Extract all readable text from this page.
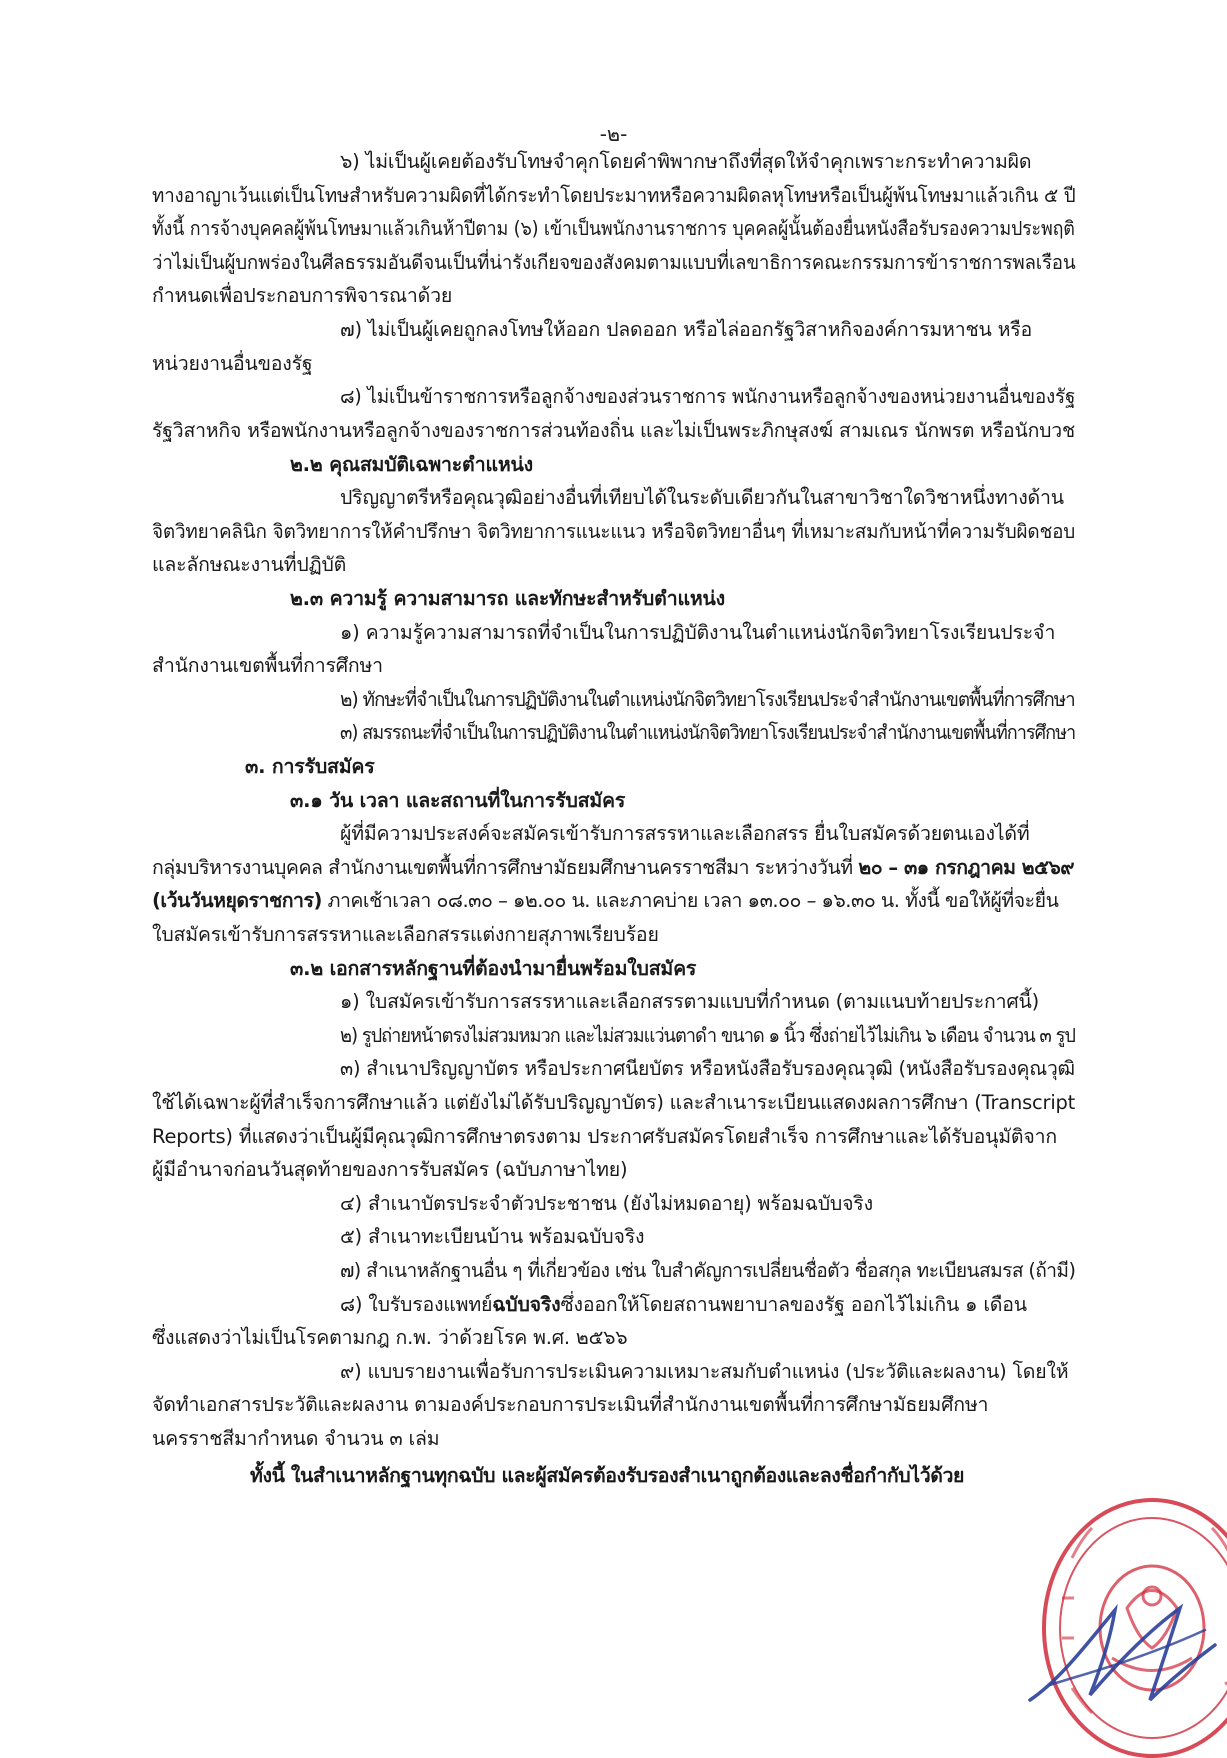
-๒-
๖) ไม่เป็นผู้เคยต้องรับโทษจำคุกโดยคำพิพากษาถึงที่สุดให้จำคุกเพราะกระทำความผิด
ทางอาญาเว้นแต่เป็นโทษสำหรับความผิดที่ได้กระทำโดยประมาทหรือความผิดลหุโทษหรือเป็นผู้พ้นโทษมาแล้วเกิน ๕ ปี
ทั้งนี้ การจ้างบุคคลผู้พ้นโทษมาแล้วเกินห้าปีตาม (๖) เข้าเป็นพนักงานราชการ บุคคลผู้นั้นต้องยื่นหนังสือรับรองความประพฤติ
ว่าไม่เป็นผู้บกพร่องในศีลธรรมอันดีจนเป็นที่น่ารังเกียจของสังคมตามแบบที่เลขาธิการคณะกรรมการข้าราชการพลเรือน
กำหนดเพื่อประกอบการพิจารณาด้วย
๗) ไม่เป็นผู้เคยถูกลงโทษให้ออก ปลดออก หรือไล่ออกรัฐวิสาหกิจองค์การมหาชน หรือ
หน่วยงานอื่นของรัฐ
๘) ไม่เป็นข้าราชการหรือลูกจ้างของส่วนราชการ พนักงานหรือลูกจ้างของหน่วยงานอื่นของรัฐ
รัฐวิสาหกิจ หรือพนักงานหรือลูกจ้างของราชการส่วนท้องถิ่น และไม่เป็นพระภิกษุสงฆ์ สามเณร นักพรต หรือนักบวช
๒.๒ คุณสมบัติเฉพาะตำแหน่ง
ปริญญาตรีหรือคุณวุฒิอย่างอื่นที่เทียบได้ในระดับเดียวกันในสาขาวิชาใดวิชาหนึ่งทางด้าน
จิตวิทยาคลินิก จิตวิทยาการให้คำปรึกษา จิตวิทยาการแนะแนว หรือจิตวิทยาอื่นๆ ที่เหมาะสมกับหน้าที่ความรับผิดชอบ
และลักษณะงานที่ปฏิบัติ
๒.๓ ความรู้ ความสามารถ และทักษะสำหรับตำแหน่ง
๑) ความรู้ความสามารถที่จำเป็นในการปฏิบัติงานในตำแหน่งนักจิตวิทยาโรงเรียนประจำ
สำนักงานเขตพื้นที่การศึกษา
๒) ทักษะที่จำเป็นในการปฏิบัติงานในตำแหน่งนักจิตวิทยาโรงเรียนประจำสำนักงานเขตพื้นที่การศึกษา
๓) สมรรถนะที่จำเป็นในการปฏิบัติงานในตำแหน่งนักจิตวิทยาโรงเรียนประจำสำนักงานเขตพื้นที่การศึกษา
๓. การรับสมัคร
๓.๑ วัน เวลา และสถานที่ในการรับสมัคร
ผู้ที่มีความประสงค์จะสมัครเข้ารับการสรรหาและเลือกสรร ยื่นใบสมัครด้วยตนเองได้ที่
กลุ่มบริหารงานบุคคล สำนักงานเขตพื้นที่การศึกษามัธยมศึกษานครราชสีมา ระหว่างวันที่ ๒๐ – ๓๑ กรกฎาคม ๒๕๖๙
(เว้นวันหยุดราชการ) ภาคเช้าเวลา ๐๘.๓๐ – ๑๒.๐๐ น. และภาคบ่าย เวลา ๑๓.๐๐ – ๑๖.๓๐ น. ทั้งนี้ ขอให้ผู้ที่จะยื่น
ใบสมัครเข้ารับการสรรหาและเลือกสรรแต่งกายสุภาพเรียบร้อย
๓.๒ เอกสารหลักฐานที่ต้องนำมายื่นพร้อมใบสมัคร
๑) ใบสมัครเข้ารับการสรรหาและเลือกสรรตามแบบที่กำหนด (ตามแนบท้ายประกาศนี้)
๒) รูปถ่ายหน้าตรงไม่สวมหมวก และไม่สวมแว่นตาดำ ขนาด ๑ นิ้ว ซึ่งถ่ายไว้ไม่เกิน ๖ เดือน จำนวน ๓ รูป
๓) สำเนาปริญญาบัตร หรือประกาศนียบัตร หรือหนังสือรับรองคุณวุฒิ (หนังสือรับรองคุณวุฒิ
ใช้ได้เฉพาะผู้ที่สำเร็จการศึกษาแล้ว แต่ยังไม่ได้รับปริญญาบัตร) และสำเนาระเบียนแสดงผลการศึกษา (Transcript
Reports) ที่แสดงว่าเป็นผู้มีคุณวุฒิการศึกษาตรงตาม ประกาศรับสมัครโดยสำเร็จ การศึกษาและได้รับอนุมัติจาก
ผู้มีอำนาจก่อนวันสุดท้ายของการรับสมัคร (ฉบับภาษาไทย)
๔) สำเนาบัตรประจำตัวประชาชน (ยังไม่หมดอายุ) พร้อมฉบับจริง
๕) สำเนาทะเบียนบ้าน พร้อมฉบับจริง
๗) สำเนาหลักฐานอื่น ๆ ที่เกี่ยวข้อง เช่น ใบสำคัญการเปลี่ยนชื่อตัว ชื่อสกุล ทะเบียนสมรส (ถ้ามี)
๘) ใบรับรองแพทย์ฉบับจริงซึ่งออกให้โดยสถานพยาบาลของรัฐ ออกไว้ไม่เกิน ๑ เดือน
ซึ่งแสดงว่าไม่เป็นโรคตามกฎ ก.พ. ว่าด้วยโรค พ.ศ. ๒๕๖๖
๙) แบบรายงานเพื่อรับการประเมินความเหมาะสมกับตำแหน่ง (ประวัติและผลงาน) โดยให้
จัดทำเอกสารประวัติและผลงาน ตามองค์ประกอบการประเมินที่สำนักงานเขตพื้นที่การศึกษามัธยมศึกษา
นครราชสีมากำหนด จำนวน ๓ เล่ม
ทั้งนี้ ในสำเนาหลักฐานทุกฉบับ และผู้สมัครต้องรับรองสำเนาถูกต้องและลงชื่อกำกับไว้ด้วย
